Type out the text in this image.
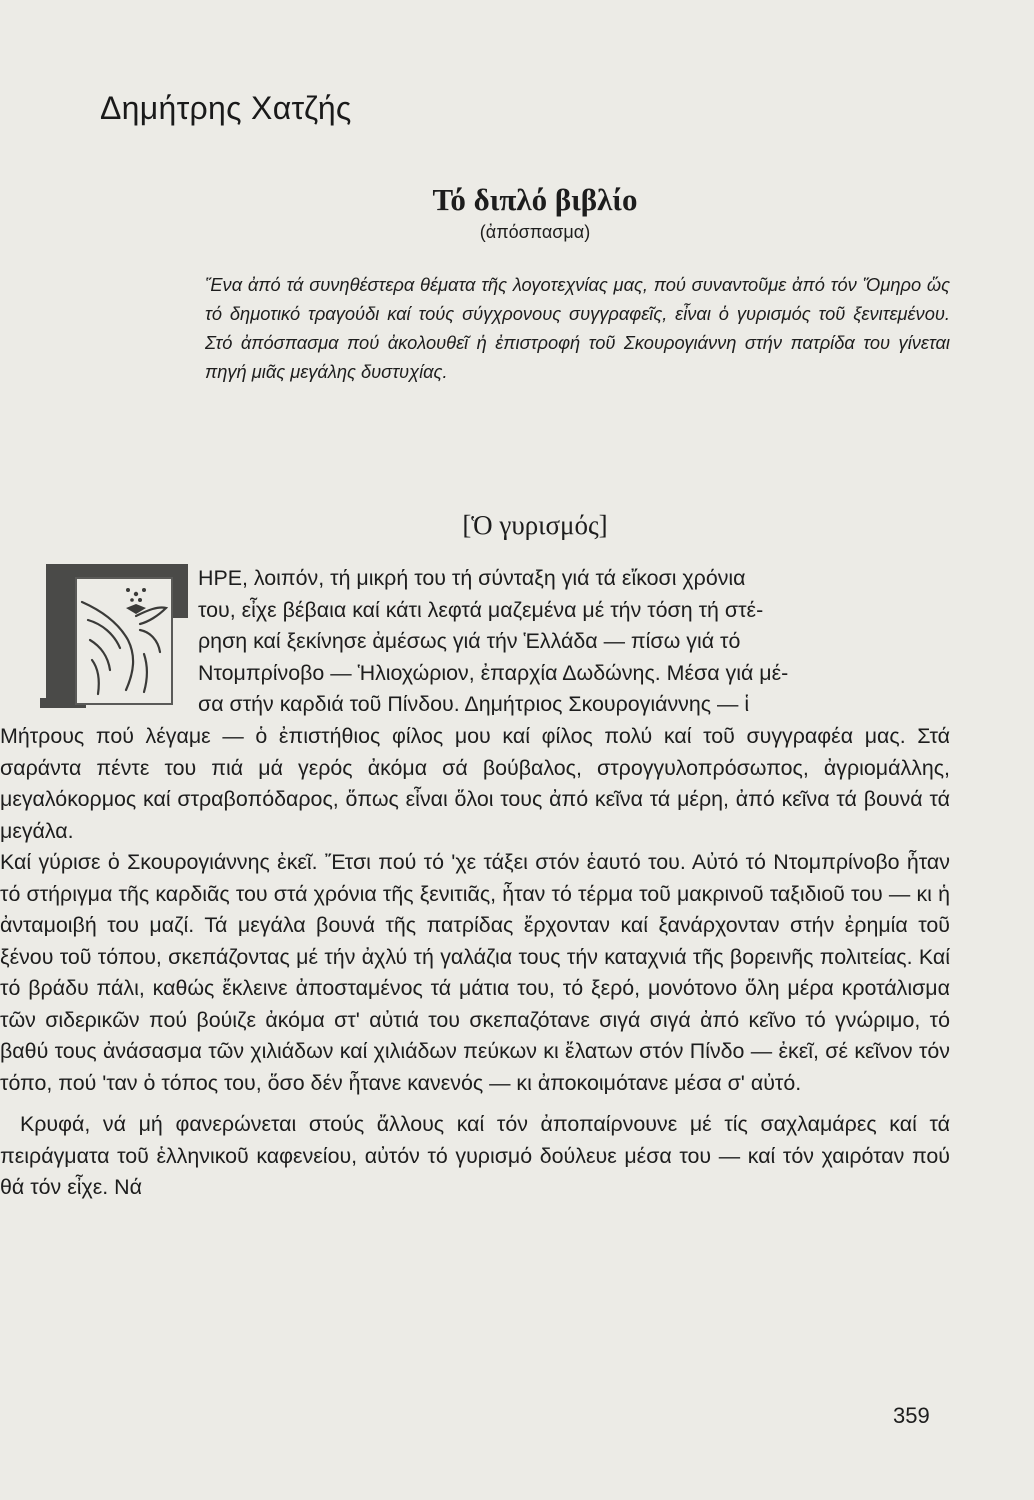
Δημήτρης Χατζής
Τό διπλό βιβλίο
(ἀπόσπασμα)
Ἕνα ἀπό τά συνηθέστερα θέματα τῆς λογοτεχνίας μας, πού συναντοῦμε ἀπό τόν Ὅμηρο ὥς τό δημοτικό τραγούδι καί τούς σύγχρονους συγγραφεῖς, εἶναι ὁ γυρισμός τοῦ ξενιτεμένου. Στό ἀπόσπασμα πού ἀκολουθεῖ ἡ ἐπιστροφή τοῦ Σκουρογιάννη στήν πατρίδα του γίνεται πηγή μιᾶς μεγάλης δυστυχίας.
[Ὁ γυρισμός]
ΗΡΕ, λοιπόν, τή μικρή του τή σύνταξη γιά τά εἴκοσι χρόνια
του, εἶχε βέβαια καί κάτι λεφτά μαζεμένα μέ τήν τόση τή στέ-
ρηση καί ξεκίνησε ἀμέσως γιά τήν Ἑλλάδα — πίσω γιά τό
Ντομπρίνοβο — Ἡλιοχώριον, ἐπαρχία Δωδώνης. Μέσα γιά μέ-
σα στήν καρδιά τοῦ Πίνδου. Δημήτριος Σκουρογιάννης — ἱ

Μήτρους πού λέγαμε — ὁ ἐπιστήθιος φίλος μου καί φίλος πολύ καί τοῦ συγγραφέα μας. Στά σαράντα πέντε του πιά μά γερός ἀκόμα σά βούβαλος, στρογγυλοπρόσωπος, ἀγριομάλλης, μεγαλόκορμος καί στραβοπόδαρος, ὅπως εἶναι ὅλοι τους ἀπό κεῖνα τά μέρη, ἀπό κεῖνα τά βουνά τά μεγάλα.

Καί γύρισε ὁ Σκουρογιάννης ἐκεῖ. Ἔτσι πού τό 'χε τάξει στόν ἑαυτό του. Αὐτό τό Ντομπρίνοβο ἦταν τό στήριγμα τῆς καρδιᾶς του στά χρόνια τῆς ξενιτιᾶς, ἦταν τό τέρμα τοῦ μακρινοῦ ταξιδιοῦ του — κι ἡ ἀνταμοιβή του μαζί. Τά μεγάλα βουνά τῆς πατρίδας ἔρχονταν καί ξανάρχονταν στήν ἐρημία τοῦ ξένου τοῦ τόπου, σκεπάζοντας μέ τήν ἀχλύ τή γαλάζια τους τήν καταχνιά τῆς βορεινῆς πολιτείας. Καί τό βράδυ πάλι, καθώς ἔκλεινε ἀποσταμένος τά μάτια του, τό ξερό, μονότονο ὅλη μέρα κροτάλισμα τῶν σιδερικῶν πού βούιζε ἀκόμα στ' αὐτιά του σκεπαζότανε σιγά σιγά ἀπό κεῖνο τό γνώριμο, τό βαθύ τους ἀνάσασμα τῶν χιλιάδων καί χιλιάδων πεύκων κι ἔλατων στόν Πίνδο — ἐκεῖ, σέ κεῖνον τόν τόπο, πού 'ταν ὁ τόπος του, ὅσο δέν ἦτανε κανενός — κι ἀποκοιμότανε μέσα σ' αὐτό.

Κρυφά, νά μή φανερώνεται στούς ἄλλους καί τόν ἀποπαίρνουνε μέ τίς σαχλαμάρες καί τά πειράγματα τοῦ ἑλληνικοῦ καφενείου, αὐτόν τό γυρισμό δούλευε μέσα του — καί τόν χαιρόταν πού θά τόν εἶχε. Νά

359
